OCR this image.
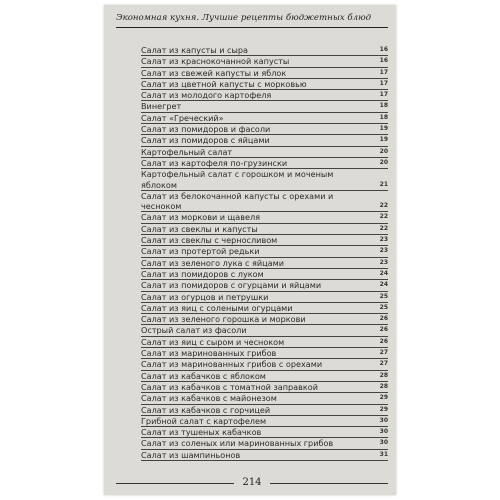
Экономная кухня. Лучшие рецепты бюджетных блюд
Салат из капусты и сыра	16
Салат из краснокочанной капусты	16
Салат из свежей капусты и яблок	17
Салат из цветной капусты с морковью	17
Салат из молодого картофеля	17
Винегрет	18
Салат «Греческий»	18
Салат из помидоров и фасоли	19
Салат из помидоров с яйцами	19
Картофельный салат	20
Салат из картофеля по-грузински	20
Картофельный салат с горошком и моченым яблоком	21
Салат из белокочанной капусты с орехами и чесноком	22
Салат из моркови и щавеля	22
Салат из свеклы и капусты	22
Салат из свеклы с черносливом	23
Салат из протертой редьки	23
Салат из зеленого лука с яйцами	23
Салат из помидоров с луком	24
Салат из помидоров с огурцами и яйцами	24
Салат из огурцов и петрушки	25
Салат из яиц с солеными огурцами	25
Салат из зеленого горошка и моркови	26
Острый салат из фасоли	26
Салат из яиц с сыром и чесноком	26
Салат из маринованных грибов	27
Салат из маринованных грибов с орехами	27
Салат из кабачков с яблоком	28
Салат из кабачков с томатной заправкой	28
Салат из кабачков с майонезом	29
Салат из кабачков с горчицей	29
Грибной салат с картофелем	30
Салат из тушеных кабачков	30
Салат из соленых или маринованных грибов	30
Салат из шампиньонов	31
214
